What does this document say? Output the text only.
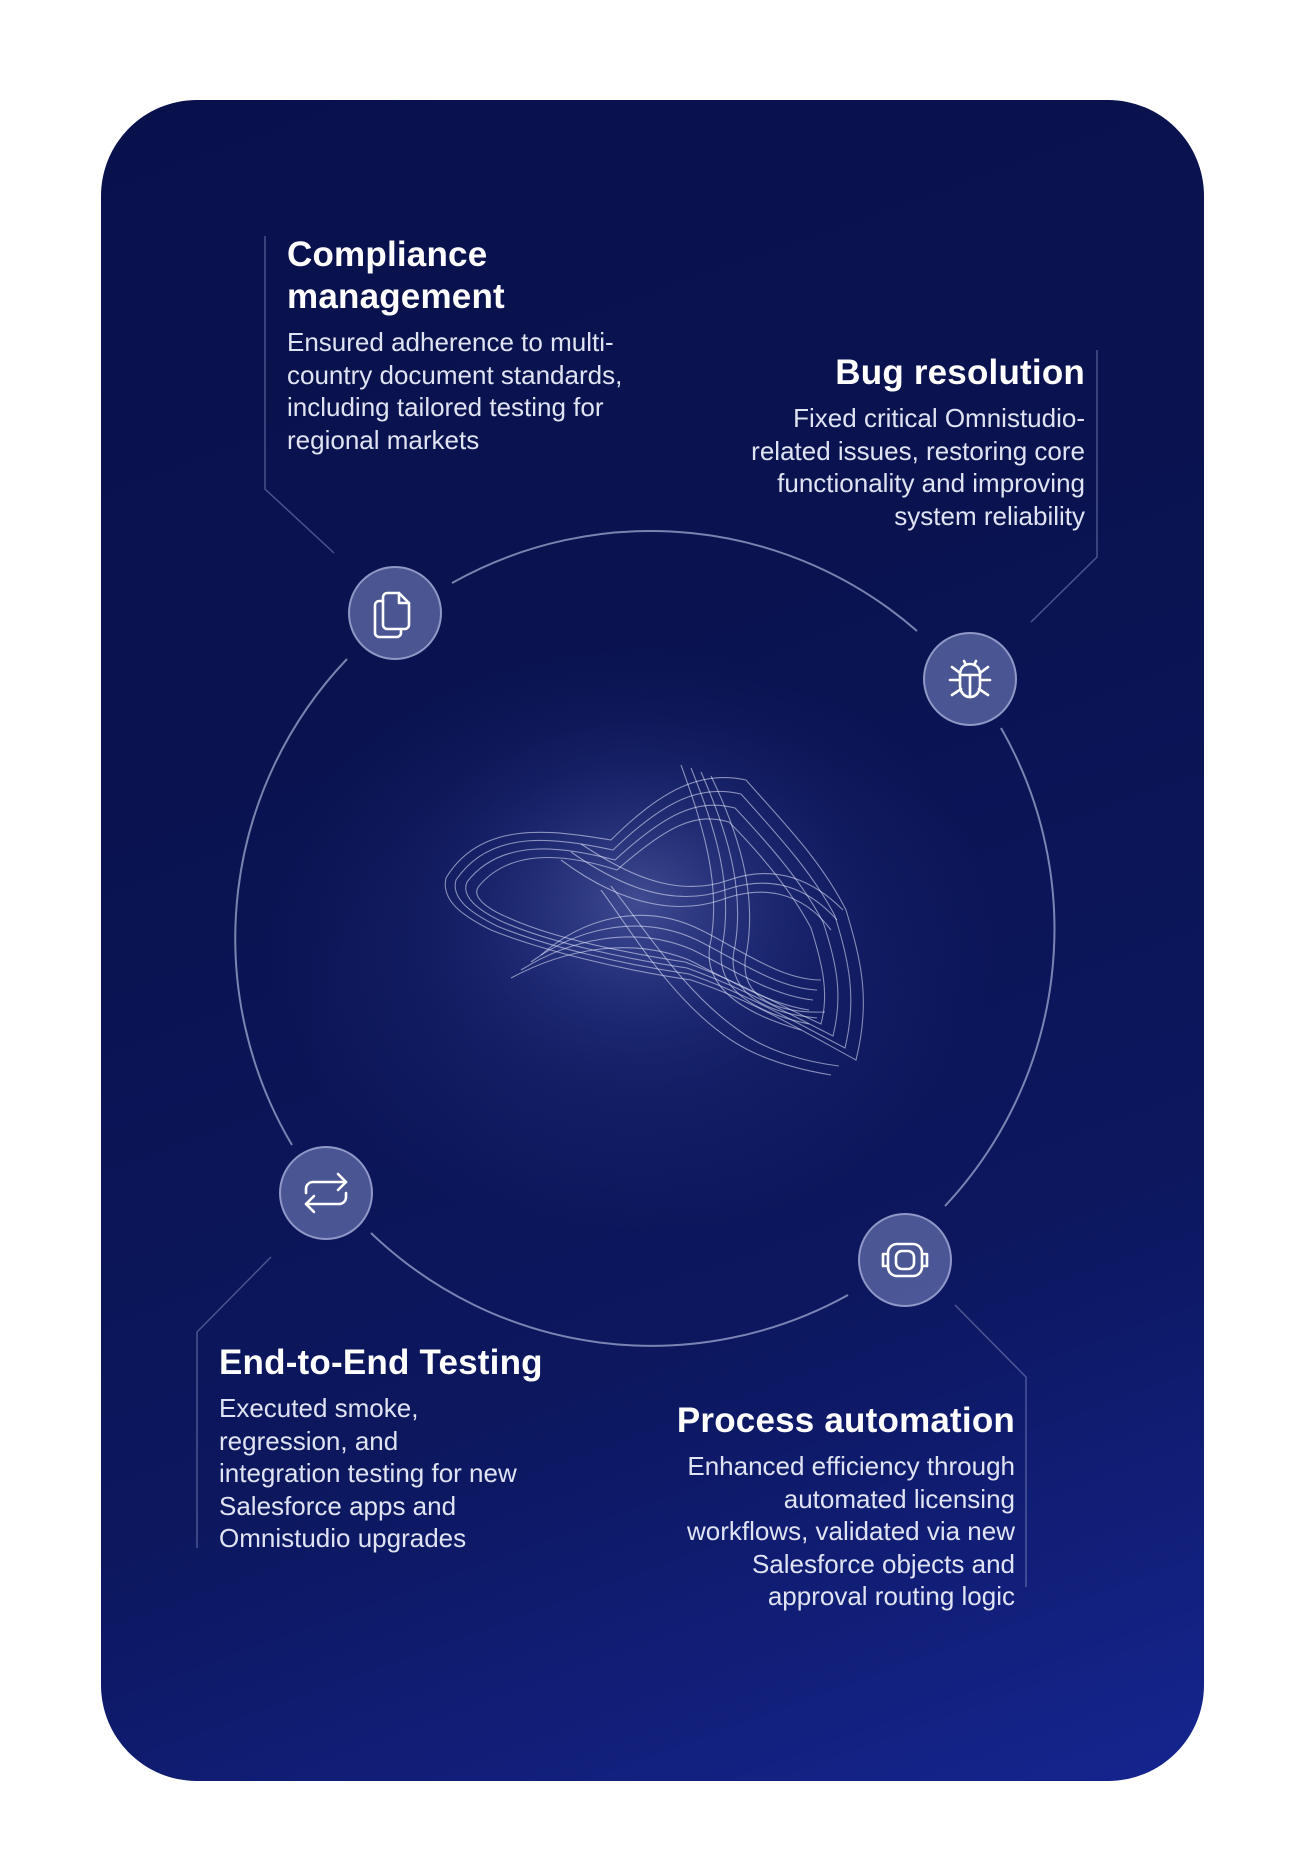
Compliance
management

Ensured adherence to multi-
country document standards,
including tailored testing for
regional markets

Bug resolution

Fixed critical Omnistudio-
related issues, restoring core
functionality and improving
system reliability

End-to-End Testing

Executed smoke,
regression, and
integration testing for new
Salesforce apps and
Omnistudio upgrades

Process automation

Enhanced efficiency through
automated licensing
workflows, validated via new
Salesforce objects and
approval routing logic
